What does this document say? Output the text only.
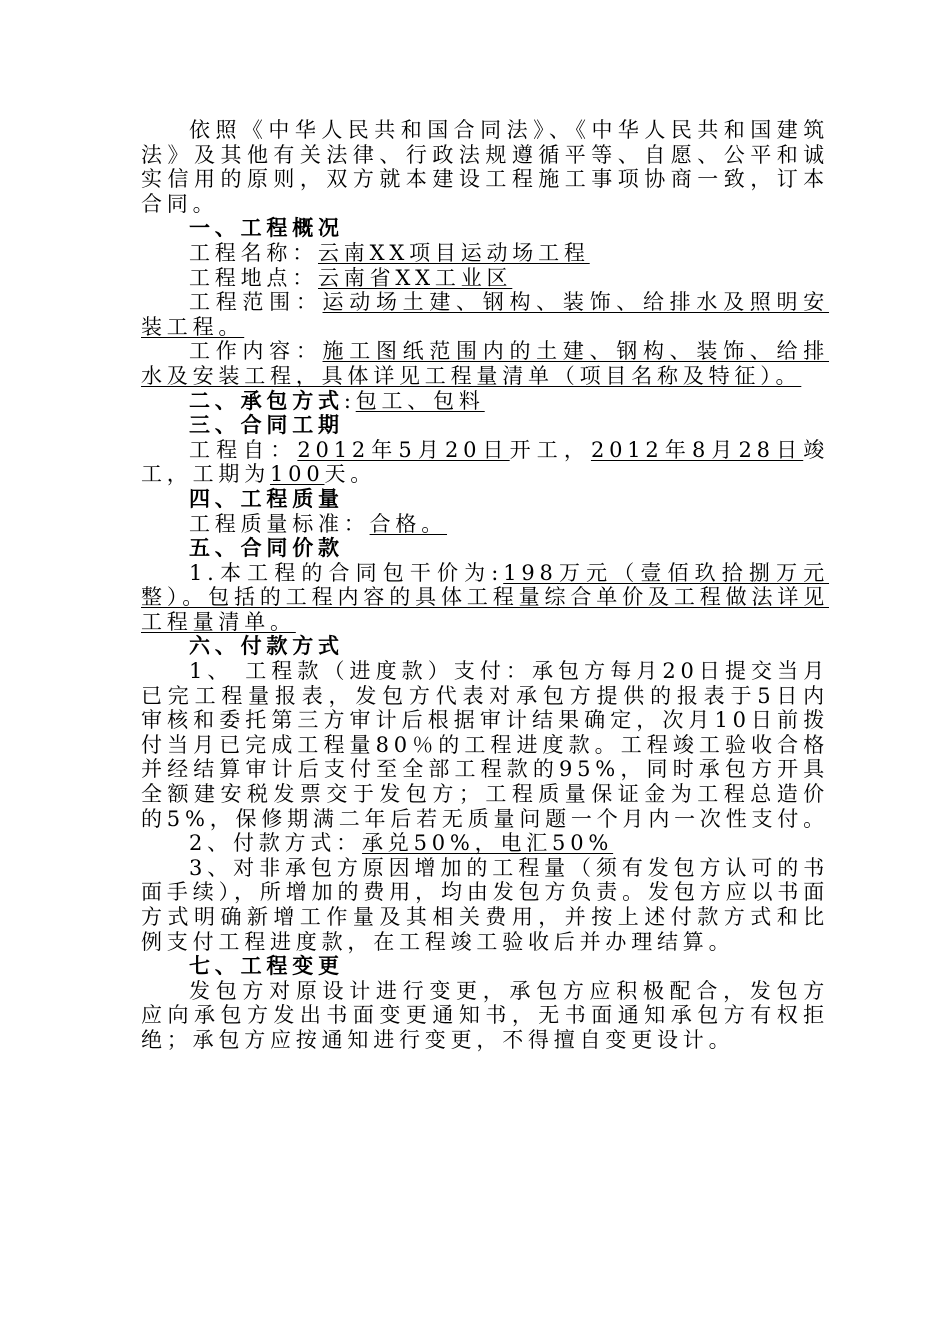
依照《中华人民共和国合同法》、《中华人民共和国建筑法》及其他有关法律、行政法规遵循平等、自愿、公平和诚实信用的原则，双方就本建设工程施工事项协商一致，订本合同。

一、工程概况

工程名称：云南XX项目运动场工程

工程地点：云南省XX工业区

工程范围：运动场土建、钢构、装饰、给排水及照明安装工程。

工作内容：施工图纸范围内的土建、钢构、装饰、给排水及安装工程，具体详见工程量清单（项目名称及特征）。

二、承包方式:包工、包料

三、合同工期

工程自：2012年5月20日开工，2012年8月28日竣工，工期为100天。

四、工程质量

工程质量标准：合格。

五、合同价款

1.本工程的合同包干价为:198万元（壹佰玖拾捌万元整）。包括的工程内容的具体工程量综合单价及工程做法详见工程量清单。

六、付款方式

1、 工程款（进度款）支付：承包方每月20日提交当月已完工程量报表，发包方代表对承包方提供的报表于5日内审核和委托第三方审计后根据审计结果确定，次月10日前拨付当月已完成工程量80％的工程进度款。工程竣工验收合格并经结算审计后支付至全部工程款的95%，同时承包方开具全额建安税发票交于发包方；工程质量保证金为工程总造价的5%，保修期满二年后若无质量问题一个月内一次性支付。

2、付款方式：承兑50%，电汇50%

3、对非承包方原因增加的工程量（须有发包方认可的书面手续），所增加的费用，均由发包方负责。发包方应以书面方式明确新增工作量及其相关费用，并按上述付款方式和比例支付工程进度款，在工程竣工验收后并办理结算。

七、工程变更

发包方对原设计进行变更，承包方应积极配合，发包方应向承包方发出书面变更通知书，无书面通知承包方有权拒绝；承包方应按通知进行变更，不得擅自变更设计。
